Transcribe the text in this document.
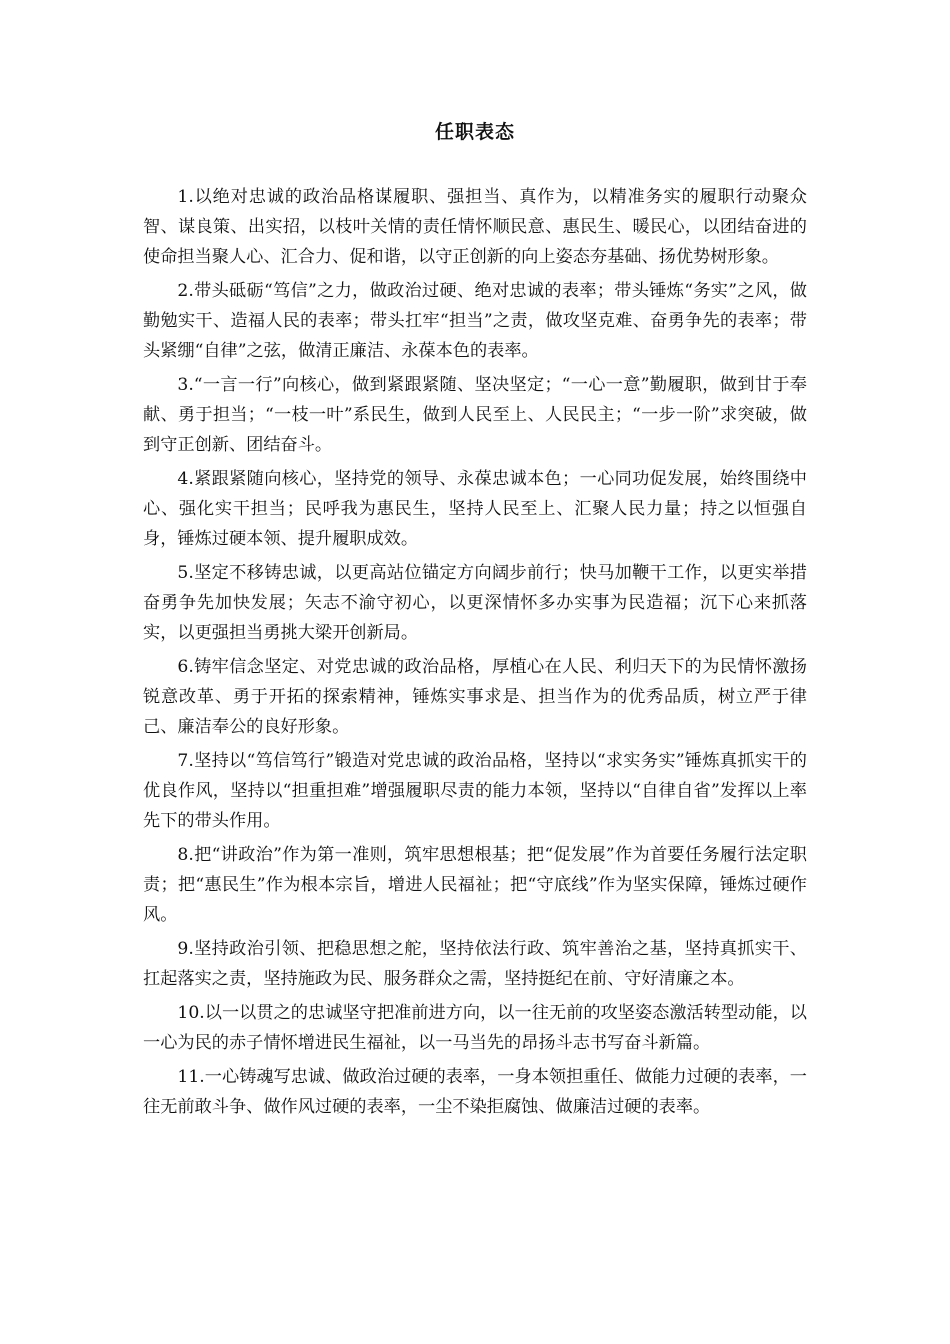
任职表态

1.以绝对忠诚的政治品格谋履职、强担当、真作为，以精准务实的履职行动聚众智、谋良策、出实招，以枝叶关情的责任情怀顺民意、惠民生、暖民心，以团结奋进的使命担当聚人心、汇合力、促和谐，以守正创新的向上姿态夯基础、扬优势树形象。

2.带头砥砺“笃信”之力，做政治过硬、绝对忠诚的表率；带头锤炼“务实”之风，做勤勉实干、造福人民的表率；带头扛牢“担当”之责，做攻坚克难、奋勇争先的表率；带头紧绷“自律”之弦，做清正廉洁、永葆本色的表率。

3.“一言一行”向核心，做到紧跟紧随、坚决坚定；“一心一意”勤履职，做到甘于奉献、勇于担当；“一枝一叶”系民生，做到人民至上、人民民主；“一步一阶”求突破，做到守正创新、团结奋斗。

4.紧跟紧随向核心，坚持党的领导、永葆忠诚本色；一心同功促发展，始终围绕中心、强化实干担当；民呼我为惠民生，坚持人民至上、汇聚人民力量；持之以恒强自身，锤炼过硬本领、提升履职成效。

5.坚定不移铸忠诚，以更高站位锚定方向阔步前行；快马加鞭干工作，以更实举措奋勇争先加快发展；矢志不渝守初心，以更深情怀多办实事为民造福；沉下心来抓落实，以更强担当勇挑大梁开创新局。

6.铸牢信念坚定、对党忠诚的政治品格，厚植心在人民、利归天下的为民情怀激扬锐意改革、勇于开拓的探索精神，锤炼实事求是、担当作为的优秀品质，树立严于律己、廉洁奉公的良好形象。

7.坚持以“笃信笃行”锻造对党忠诚的政治品格，坚持以“求实务实”锤炼真抓实干的优良作风，坚持以“担重担难”增强履职尽责的能力本领，坚持以“自律自省”发挥以上率先下的带头作用。

8.把“讲政治”作为第一准则，筑牢思想根基；把“促发展”作为首要任务履行法定职责；把“惠民生”作为根本宗旨，增进人民福祉；把“守底线”作为坚实保障，锤炼过硬作风。

9.坚持政治引领、把稳思想之舵，坚持依法行政、筑牢善治之基，坚持真抓实干、扛起落实之责，坚持施政为民、服务群众之需，坚持挺纪在前、守好清廉之本。

10.以一以贯之的忠诚坚守把准前进方向，以一往无前的攻坚姿态激活转型动能，以一心为民的赤子情怀增进民生福祉，以一马当先的昂扬斗志书写奋斗新篇。

11.一心铸魂写忠诚、做政治过硬的表率，一身本领担重任、做能力过硬的表率，一往无前敢斗争、做作风过硬的表率，一尘不染拒腐蚀、做廉洁过硬的表率。
